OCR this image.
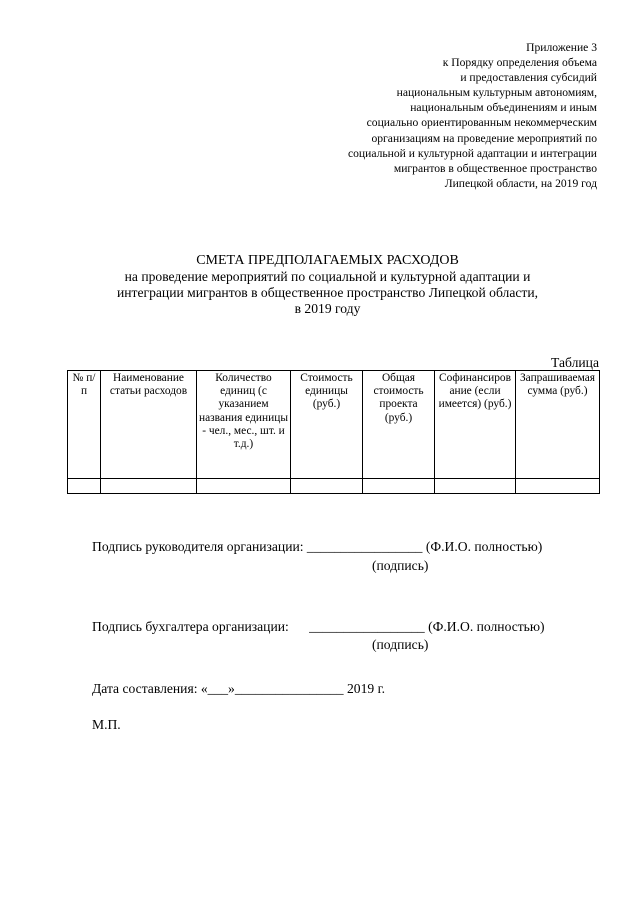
Приложение 3
к Порядку определения объема
и предоставления субсидий
национальным культурным автономиям,
национальным объединениям и иным
социально ориентированным некоммерческим
организациям на проведение мероприятий по
социальной и культурной адаптации и интеграции
мигрантов в общественное пространство
Липецкой области, на 2019 год
СМЕТА ПРЕДПОЛАГАЕМЫХ РАСХОДОВ
на проведение мероприятий по социальной и культурной адаптации и
интеграции мигрантов в общественное пространство Липецкой области,
в 2019 году
Таблица
№ п/п	Наименование статьи расходов	Количество единиц (с указанием названия единицы - чел., мес., шт. и т.д.)	Стоимость единицы (руб.)	Общая стоимость проекта (руб.)	Софинансирование (если имеется) (руб.)	Запрашиваемая сумма (руб.)

Подпись руководителя организации: _________________ (Ф.И.О. полностью)
(подпись)
Подпись бухгалтера организации:      _________________ (Ф.И.О. полностью)
(подпись)
Дата составления: «___»________________ 2019 г.
М.П.
